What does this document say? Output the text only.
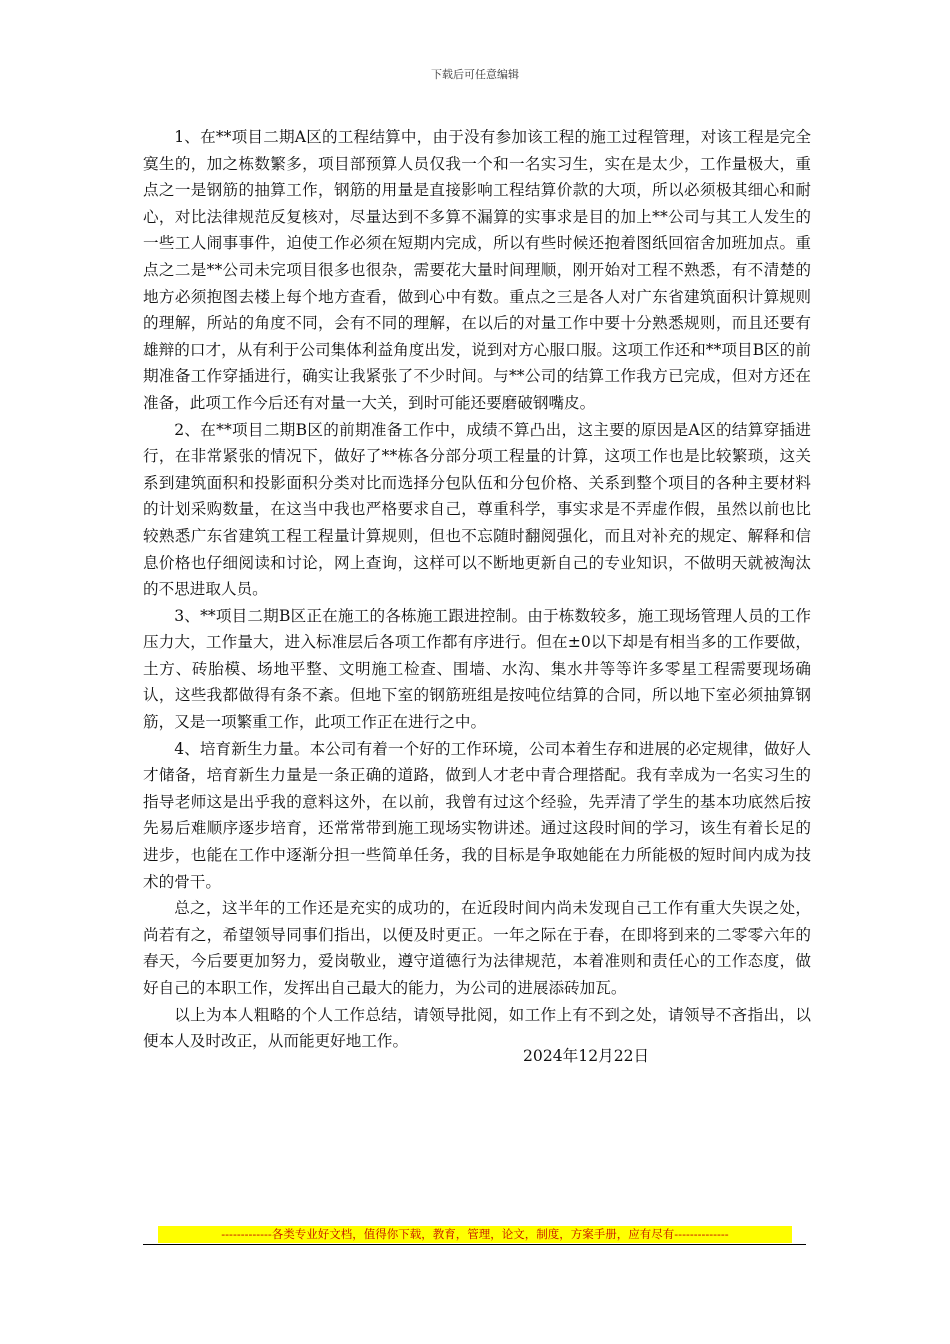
下载后可任意编辑

1、在**项目二期A区的工程结算中，由于没有参加该工程的施工过程管理，对该工程是完全寞生的，加之栋数繁多，项目部预算人员仅我一个和一名实习生，实在是太少，工作量极大，重点之一是钢筋的抽算工作，钢筋的用量是直接影响工程结算价款的大项，所以必须极其细心和耐心，对比法律规范反复核对，尽量达到不多算不漏算的实事求是目的加上**公司与其工人发生的一些工人闹事事件，迫使工作必须在短期内完成，所以有些时候还抱着图纸回宿舍加班加点。重点之二是**公司未完项目很多也很杂，需要花大量时间理顺，刚开始对工程不熟悉，有不清楚的地方必须抱图去楼上每个地方查看，做到心中有数。重点之三是各人对广东省建筑面积计算规则的理解，所站的角度不同，会有不同的理解，在以后的对量工作中要十分熟悉规则，而且还要有雄辩的口才，从有利于公司集体利益角度出发，说到对方心服口服。这项工作还和**项目B区的前期准备工作穿插进行，确实让我紧张了不少时间。与**公司的结算工作我方已完成，但对方还在准备，此项工作今后还有对量一大关，到时可能还要磨破钢嘴皮。

2、在**项目二期B区的前期准备工作中，成绩不算凸出，这主要的原因是A区的结算穿插进行，在非常紧张的情况下，做好了**栋各分部分项工程量的计算，这项工作也是比较繁琐，这关系到建筑面积和投影面积分类对比而选择分包队伍和分包价格、关系到整个项目的各种主要材料的计划采购数量，在这当中我也严格要求自己，尊重科学，事实求是不弄虚作假，虽然以前也比较熟悉广东省建筑工程工程量计算规则，但也不忘随时翻阅强化，而且对补充的规定、解释和信息价格也仔细阅读和讨论，网上查询，这样可以不断地更新自己的专业知识，不做明天就被淘汰的不思进取人员。

3、**项目二期B区正在施工的各栋施工跟进控制。由于栋数较多，施工现场管理人员的工作压力大，工作量大，进入标准层后各项工作都有序进行。但在±0以下却是有相当多的工作要做，土方、砖胎模、场地平整、文明施工检查、围墙、水沟、集水井等等许多零星工程需要现场确认，这些我都做得有条不紊。但地下室的钢筋班组是按吨位结算的合同，所以地下室必须抽算钢筋，又是一项繁重工作，此项工作正在进行之中。

4、培育新生力量。本公司有着一个好的工作环境，公司本着生存和进展的必定规律，做好人才储备，培育新生力量是一条正确的道路，做到人才老中青合理搭配。我有幸成为一名实习生的指导老师这是出乎我的意料这外，在以前，我曾有过这个经验，先弄清了学生的基本功底然后按先易后难顺序逐步培育，还常常带到施工现场实物讲述。通过这段时间的学习，该生有着长足的进步，也能在工作中逐渐分担一些简单任务，我的目标是争取她能在力所能极的短时间内成为技术的骨干。

总之，这半年的工作还是充实的成功的，在近段时间内尚未发现自己工作有重大失误之处，尚若有之，希望领导同事们指出，以便及时更正。一年之际在于春，在即将到来的二零零六年的春天，今后要更加努力，爱岗敬业，遵守道德行为法律规范，本着准则和责任心的工作态度，做好自己的本职工作，发挥出自己最大的能力，为公司的进展添砖加瓦。

以上为本人粗略的个人工作总结，请领导批阅，如工作上有不到之处，请领导不吝指出，以便本人及时改正，从而能更好地工作。

2024年12月22日
-------------各类专业好文档，值得你下载，教育，管理，论文，制度，方案手册，应有尽有--------------
